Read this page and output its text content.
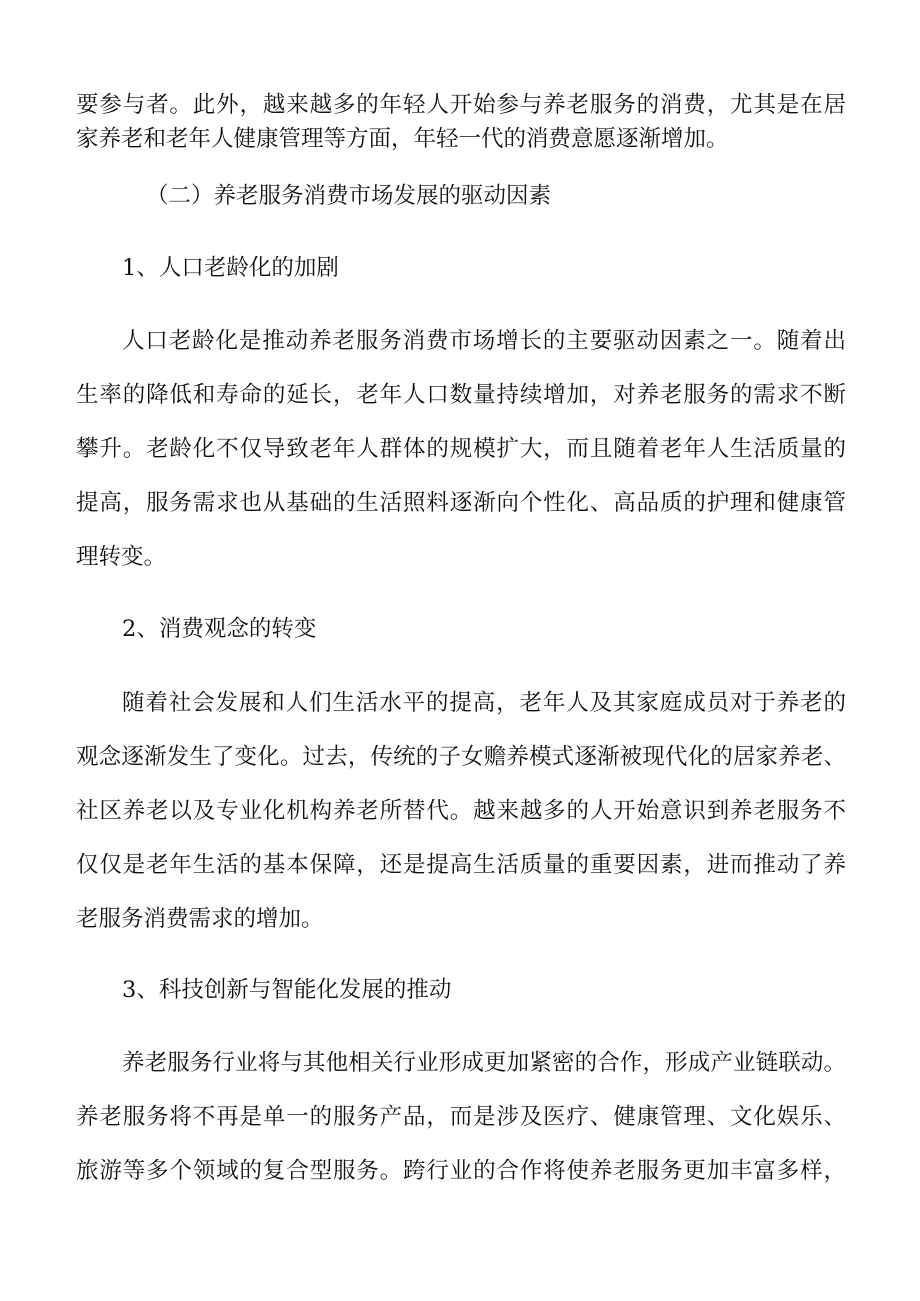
要参与者。此外，越来越多的年轻人开始参与养老服务的消费，尤其是在居
家养老和老年人健康管理等方面，年轻一代的消费意愿逐渐增加。
（二）养老服务消费市场发展的驱动因素
1、人口老龄化的加剧
人口老龄化是推动养老服务消费市场增长的主要驱动因素之一。随着出
生率的降低和寿命的延长，老年人口数量持续增加，对养老服务的需求不断
攀升。老龄化不仅导致老年人群体的规模扩大，而且随着老年人生活质量的
提高，服务需求也从基础的生活照料逐渐向个性化、高品质的护理和健康管
理转变。
2、消费观念的转变
随着社会发展和人们生活水平的提高，老年人及其家庭成员对于养老的
观念逐渐发生了变化。过去，传统的子女赡养模式逐渐被现代化的居家养老、
社区养老以及专业化机构养老所替代。越来越多的人开始意识到养老服务不
仅仅是老年生活的基本保障，还是提高生活质量的重要因素，进而推动了养
老服务消费需求的增加。
3、科技创新与智能化发展的推动
养老服务行业将与其他相关行业形成更加紧密的合作，形成产业链联动。
养老服务将不再是单一的服务产品，而是涉及医疗、健康管理、文化娱乐、
旅游等多个领域的复合型服务。跨行业的合作将使养老服务更加丰富多样，
